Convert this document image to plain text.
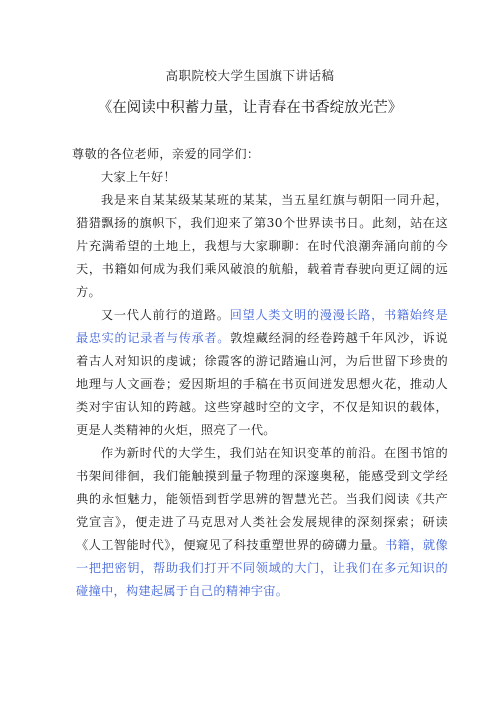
高职院校大学生国旗下讲话稿
《在阅读中积蓄力量，让青春在书香绽放光芒》

尊敬的各位老师，亲爱的同学们：

大家上午好！

我是来自某某级某某班的某某，当五星红旗与朝阳一同升起，猎猎飘扬的旗帜下，我们迎来了第30个世界读书日。此刻，站在这片充满希望的土地上，我想与大家聊聊：在时代浪潮奔涌向前的今天，书籍如何成为我们乘风破浪的航船，载着青春驶向更辽阔的远方。

又一代人前行的道路。回望人类文明的漫漫长路，书籍始终是最忠实的记录者与传承者。敦煌藏经洞的经卷跨越千年风沙，诉说着古人对知识的虔诚；徐霞客的游记踏遍山河，为后世留下珍贵的地理与人文画卷；爱因斯坦的手稿在书页间迸发思想火花，推动人类对宇宙认知的跨越。这些穿越时空的文字，不仅是知识的载体，更是人类精神的火炬，照亮了一代。

作为新时代的大学生，我们站在知识变革的前沿。在图书馆的书架间徘徊，我们能触摸到量子物理的深邃奥秘，能感受到文学经典的永恒魅力，能领悟到哲学思辨的智慧光芒。当我们阅读《共产党宣言》，便走进了马克思对人类社会发展规律的深刻探索；研读《人工智能时代》，便窥见了科技重塑世界的磅礴力量。书籍，就像一把把密钥，帮助我们打开不同领域的大门，让我们在多元知识的碰撞中，构建起属于自己的精神宇宙。
